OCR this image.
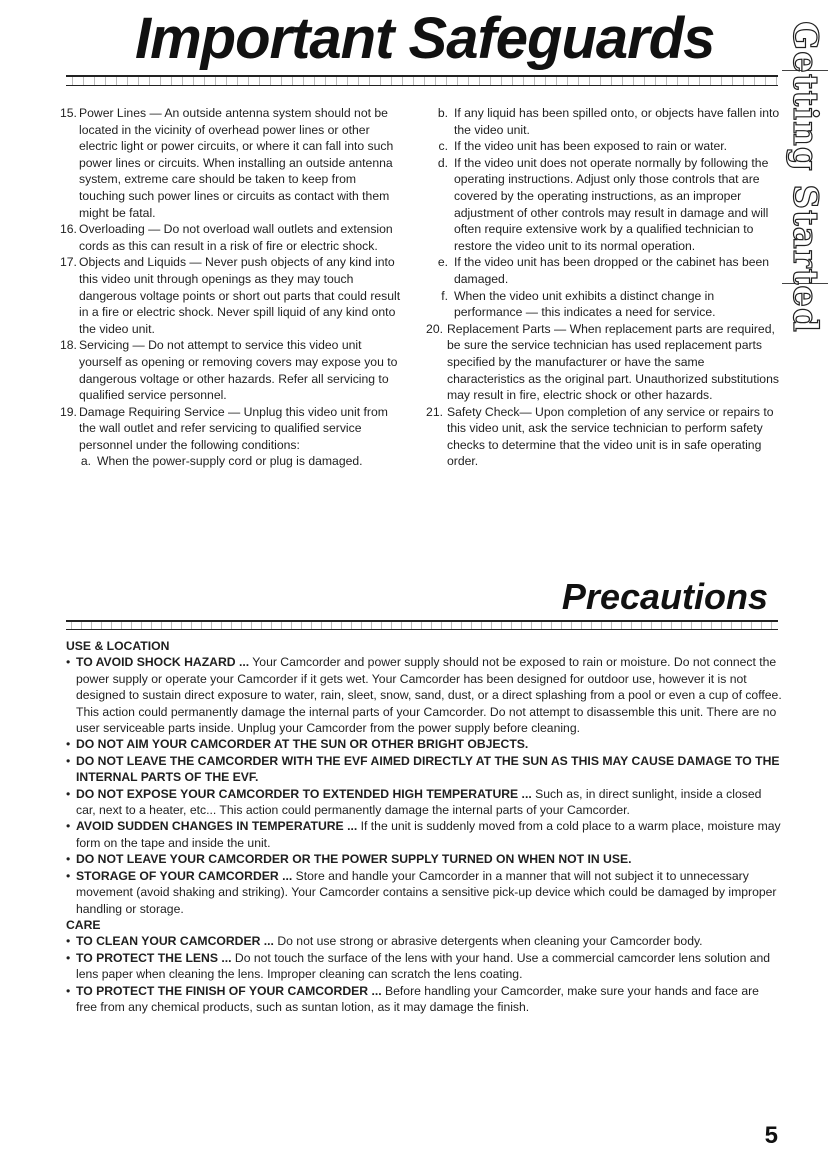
Important Safeguards Getting Started
15. Power Lines — An outside antenna system should not be located in the vicinity of overhead power lines or other electric light or power circuits, or where it can fall into such power lines or circuits. When installing an outside antenna system, extreme care should be taken to keep from touching such power lines or circuits as contact with them might be fatal.
16. Overloading — Do not overload wall outlets and extension cords as this can result in a risk of fire or electric shock.
17. Objects and Liquids — Never push objects of any kind into this video unit through openings as they may touch dangerous voltage points or short out parts that could result in a fire or electric shock. Never spill liquid of any kind onto the video unit.
18. Servicing — Do not attempt to service this video unit yourself as opening or removing covers may expose you to dangerous voltage or other hazards. Refer all servicing to qualified service personnel.
19. Damage Requiring Service — Unplug this video unit from the wall outlet and refer servicing to qualified service personnel under the following conditions:
a. When the power-supply cord or plug is damaged.
b. If any liquid has been spilled onto, or objects have fallen into the video unit.
c. If the video unit has been exposed to rain or water.
d. If the video unit does not operate normally by following the operating instructions. Adjust only those controls that are covered by the operating instructions, as an improper adjustment of other controls may result in damage and will often require extensive work by a qualified technician to restore the video unit to its normal operation.
e. If the video unit has been dropped or the cabinet has been damaged.
f. When the video unit exhibits a distinct change in performance — this indicates a need for service.
20. Replacement Parts — When replacement parts are required, be sure the service technician has used replacement parts specified by the manufacturer or have the same characteristics as the original part. Unauthorized substitutions may result in fire, electric shock or other hazards.
21. Safety Check— Upon completion of any service or repairs to this video unit, ask the service technician to perform safety checks to determine that the video unit is in safe operating order.
Precautions
USE & LOCATION
• TO AVOID SHOCK HAZARD ... Your Camcorder and power supply should not be exposed to rain or moisture. Do not connect the power supply or operate your Camcorder if it gets wet. Your Camcorder has been designed for outdoor use, however it is not designed to sustain direct exposure to water, rain, sleet, snow, sand, dust, or a direct splashing from a pool or even a cup of coffee. This action could permanently damage the internal parts of your Camcorder. Do not attempt to disassemble this unit. There are no user serviceable parts inside. Unplug your Camcorder from the power supply before cleaning.
• DO NOT AIM YOUR CAMCORDER AT THE SUN OR OTHER BRIGHT OBJECTS.
• DO NOT LEAVE THE CAMCORDER WITH THE EVF AIMED DIRECTLY AT THE SUN AS THIS MAY CAUSE DAMAGE TO THE INTERNAL PARTS OF THE EVF.
• DO NOT EXPOSE YOUR CAMCORDER TO EXTENDED HIGH TEMPERATURE ... Such as, in direct sunlight, inside a closed car, next to a heater, etc... This action could permanently damage the internal parts of your Camcorder.
• AVOID SUDDEN CHANGES IN TEMPERATURE ... If the unit is suddenly moved from a cold place to a warm place, moisture may form on the tape and inside the unit.
• DO NOT LEAVE YOUR CAMCORDER OR THE POWER SUPPLY TURNED ON WHEN NOT IN USE.
• STORAGE OF YOUR CAMCORDER ... Store and handle your Camcorder in a manner that will not subject it to unnecessary movement (avoid shaking and striking). Your Camcorder contains a sensitive pick-up device which could be damaged by improper handling or storage.
CARE
• TO CLEAN YOUR CAMCORDER ... Do not use strong or abrasive detergents when cleaning your Camcorder body.
• TO PROTECT THE LENS ... Do not touch the surface of the lens with your hand. Use a commercial camcorder lens solution and lens paper when cleaning the lens. Improper cleaning can scratch the lens coating.
• TO PROTECT THE FINISH OF YOUR CAMCORDER ... Before handling your Camcorder, make sure your hands and face are free from any chemical products, such as suntan lotion, as it may damage the finish.
5
